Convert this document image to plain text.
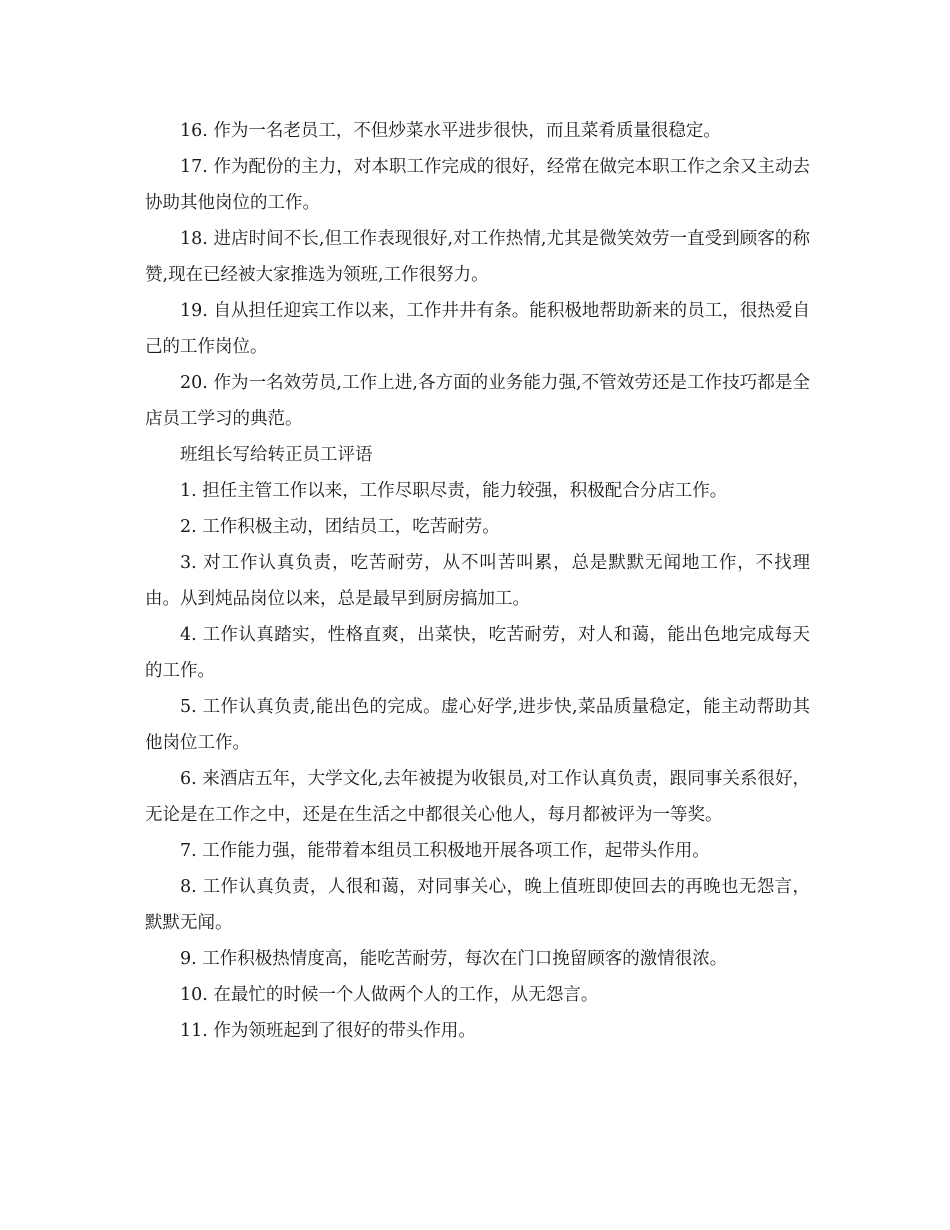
16. 作为一名老员工，不但炒菜水平进步很快，而且菜肴质量很稳定。

17. 作为配份的主力，对本职工作完成的很好，经常在做完本职工作之余又主动去协助其他岗位的工作。

18. 进店时间不长,但工作表现很好,对工作热情,尤其是微笑效劳一直受到顾客的称赞,现在已经被大家推选为领班,工作很努力。

19. 自从担任迎宾工作以来，工作井井有条。能积极地帮助新来的员工，很热爱自己的工作岗位。

20. 作为一名效劳员,工作上进,各方面的业务能力强,不管效劳还是工作技巧都是全店员工学习的典范。

班组长写给转正员工评语

1. 担任主管工作以来，工作尽职尽责，能力较强，积极配合分店工作。

2. 工作积极主动，团结员工，吃苦耐劳。

3. 对工作认真负责，吃苦耐劳，从不叫苦叫累，总是默默无闻地工作，不找理由。从到炖品岗位以来，总是最早到厨房搞加工。

4. 工作认真踏实，性格直爽，出菜快，吃苦耐劳，对人和蔼，能出色地完成每天的工作。

5. 工作认真负责,能出色的完成。虚心好学,进步快,菜品质量稳定，能主动帮助其他岗位工作。

6. 来酒店五年，大学文化,去年被提为收银员,对工作认真负责，跟同事关系很好，无论是在工作之中，还是在生活之中都很关心他人，每月都被评为一等奖。

7. 工作能力强，能带着本组员工积极地开展各项工作，起带头作用。

8. 工作认真负责，人很和蔼，对同事关心，晚上值班即使回去的再晚也无怨言，默默无闻。

9. 工作积极热情度高，能吃苦耐劳，每次在门口挽留顾客的激情很浓。

10. 在最忙的时候一个人做两个人的工作，从无怨言。

11. 作为领班起到了很好的带头作用。
